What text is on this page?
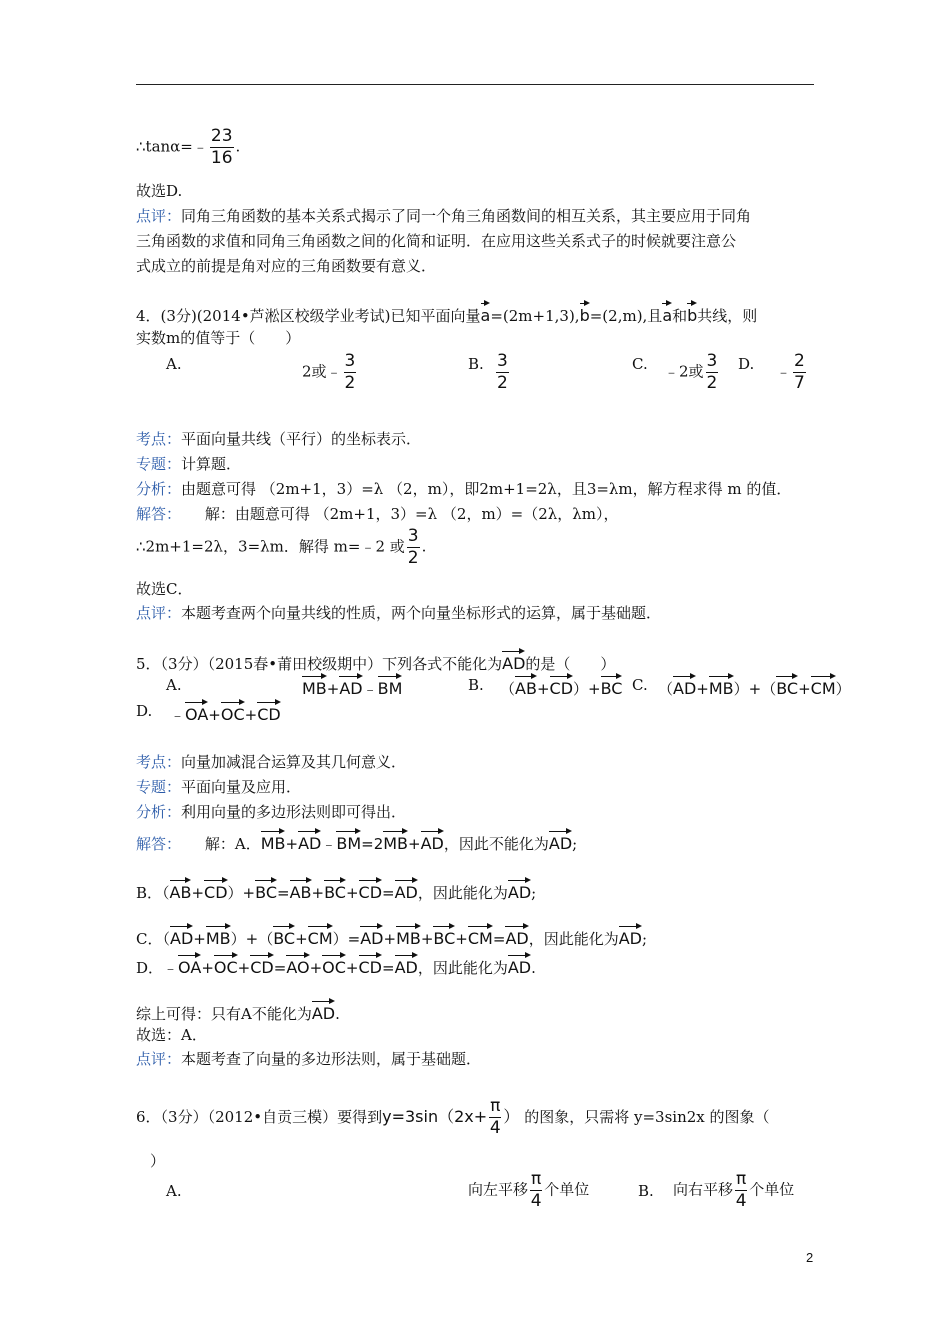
∴tanα=﹣ $\frac{23}{16}$ .
故选D.
点评：同角三角函数的基本关系式揭示了同一个角三角函数间的相互关系，其主要应用于同角
三角函数的求值和同角三角函数之间的化简和证明．在应用这些关系式子的时候就要注意公
式成立的前提是角对应的三角函数要有意义．
4．(3分)(2014•芦淞区校级学业考试)已知平面向量a=(2m+1,3),b=(2,m),且a和b共线，则
实数m的值等于（　　）
A.	2或﹣ $\frac{3}{2}$	B. $\frac{3}{2}$	C. ﹣2或 $\frac{3}{2} D$. ﹣ $\frac{2}{7}$
考点：平面向量共线（平行）的坐标表示．
专题：计算题．
分析：由题意可得 （2m+1，3）=λ （2，m），即2m+1=2λ，且3=λm，解方程求得 m 的值．
解答： 解：由题意可得 （2m+1，3）=λ （2，m）=（2λ，λm），
∴2m+1=2λ，3=λm．解得 m=﹣2 或 $\frac{3}{2}$ .
故选C．
点评：本题考查两个向量共线的性质，两个向量坐标形式的运算，属于基础题．
5．（3分）（2015春•莆田校级期中）下列各式不能化为AD的是（　　）
A.	MB+AD﹣BM	B. （AB+CD）+BC C. （AD+MB）+（BC+CM）
D. ﹣OA+OC+CD
考点：向量加减混合运算及其几何意义．
专题：平面向量及应用．
分析：利用向量的多边形法则即可得出．
解答： 解：A．MB+AD﹣BM=2MB+AD，因此不能化为AD;
B．（AB+CD）+BC=AB+BC+CD=AD，因此能化为AD;
C．（AD+MB）+（BC+CM）=AD+MB+BC+CM=AD，因此能化为AD;
D．﹣OA+OC+CD=AO+OC+CD=AD，因此能化为AD.
综上可得：只有A不能化为AD.
故选：A．
点评：本题考查了向量的多边形法则，属于基础题．
6．（3分）（2012•自贡三模）要得到$y=3\sin(2x+ \frac{\pi}{4}$ ） 的图象，只需将 y=3sin2x 的图象（
）
A.	向左平移 $\frac{\pi}{4}$ 个单位	B. 向右平移 $\frac{\pi}{4}$ 个单位
2
